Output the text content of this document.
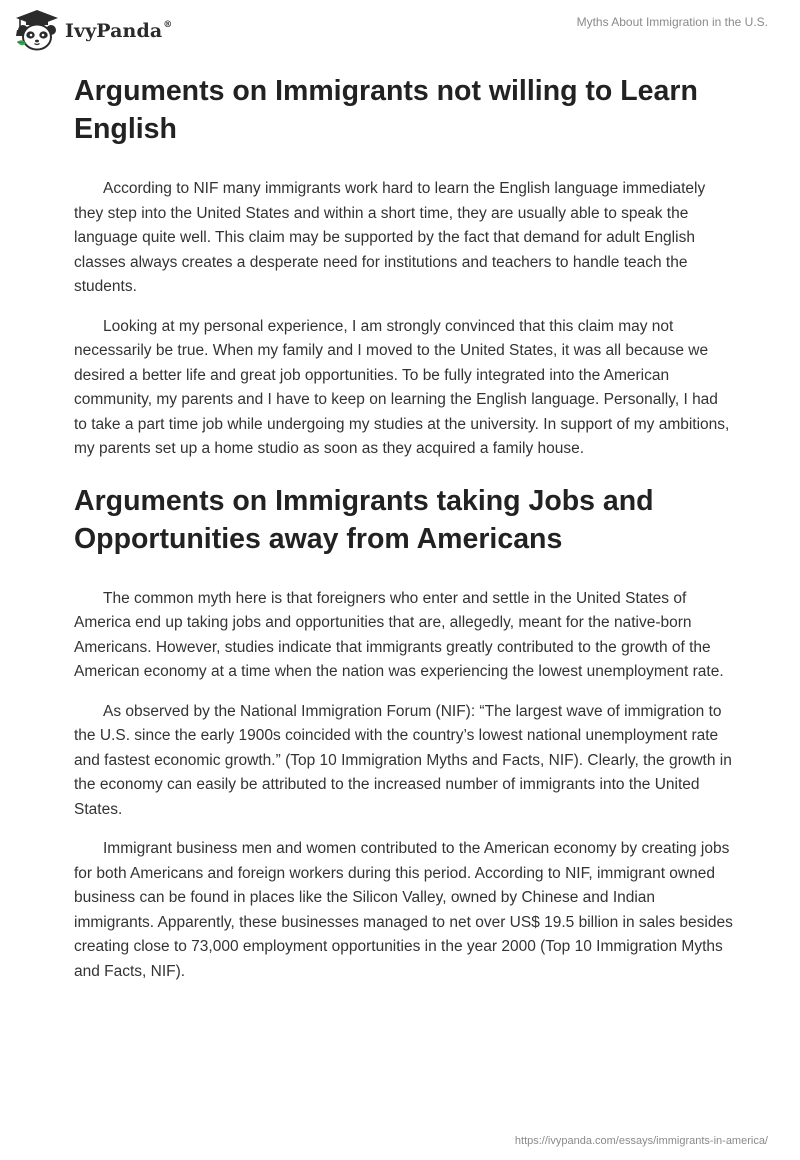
IvyPanda®	Myths About Immigration in the U.S.
Arguments on Immigrants not willing to Learn English

According to NIF many immigrants work hard to learn the English language immediately they step into the United States and within a short time, they are usually able to speak the language quite well. This claim may be supported by the fact that demand for adult English classes always creates a desperate need for institutions and teachers to handle teach the students.

Looking at my personal experience, I am strongly convinced that this claim may not necessarily be true. When my family and I moved to the United States, it was all because we desired a better life and great job opportunities. To be fully integrated into the American community, my parents and I have to keep on learning the English language. Personally, I had to take a part time job while undergoing my studies at the university. In support of my ambitions, my parents set up a home studio as soon as they acquired a family house.

Arguments on Immigrants taking Jobs and Opportunities away from Americans

The common myth here is that foreigners who enter and settle in the United States of America end up taking jobs and opportunities that are, allegedly, meant for the native-born Americans. However, studies indicate that immigrants greatly contributed to the growth of the American economy at a time when the nation was experiencing the lowest unemployment rate.

As observed by the National Immigration Forum (NIF): “The largest wave of immigration to the U.S. since the early 1900s coincided with the country’s lowest national unemployment rate and fastest economic growth.” (Top 10 Immigration Myths and Facts, NIF). Clearly, the growth in the economy can easily be attributed to the increased number of immigrants into the United States.

Immigrant business men and women contributed to the American economy by creating jobs for both Americans and foreign workers during this period. According to NIF, immigrant owned business can be found in places like the Silicon Valley, owned by Chinese and Indian immigrants. Apparently, these businesses managed to net over US$ 19.5 billion in sales besides creating close to 73,000 employment opportunities in the year 2000 (Top 10 Immigration Myths and Facts, NIF).

https://ivypanda.com/essays/immigrants-in-america/
